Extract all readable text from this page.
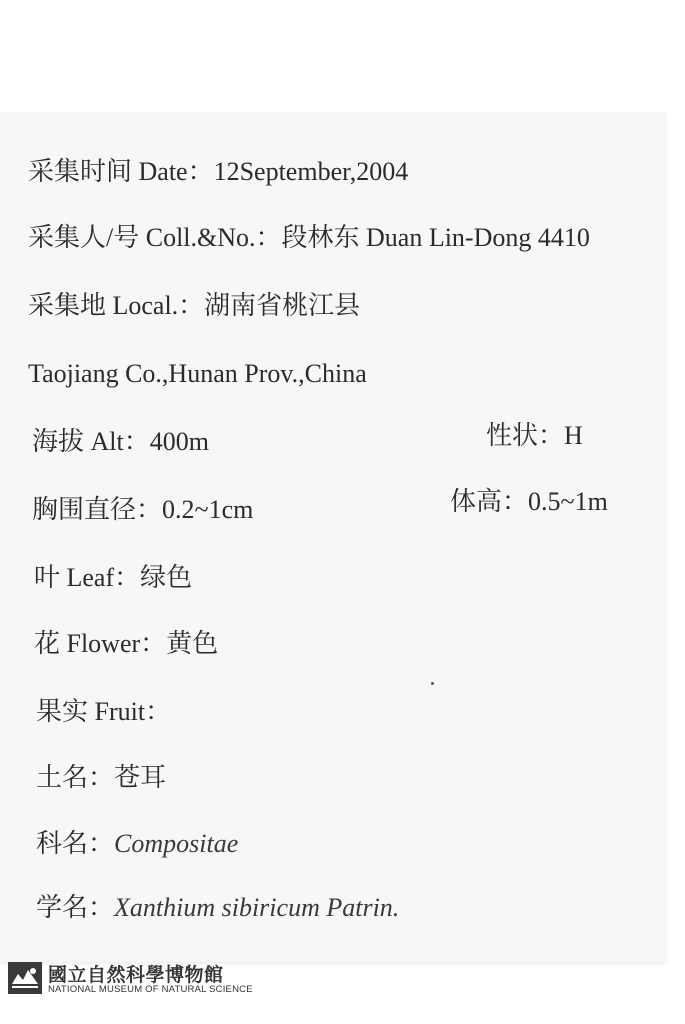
采集时间 Date：12September,2004
采集人/号 Coll.&No.：段林东 Duan Lin-Dong 4410
采集地 Local.：湖南省桃江县
Taojiang Co.,Hunan Prov.,China
海拔 Alt：400m	性状：H
胸围直径：0.2~1cm	体高：0.5~1m
叶 Leaf：绿色
花 Flower：黄色
果实 Fruit：
土名：苍耳
科名：Compositae
学名：Xanthium sibiricum Patrin.
國立自然科學博物館
NATIONAL MUSEUM OF NATURAL SCIENCE
